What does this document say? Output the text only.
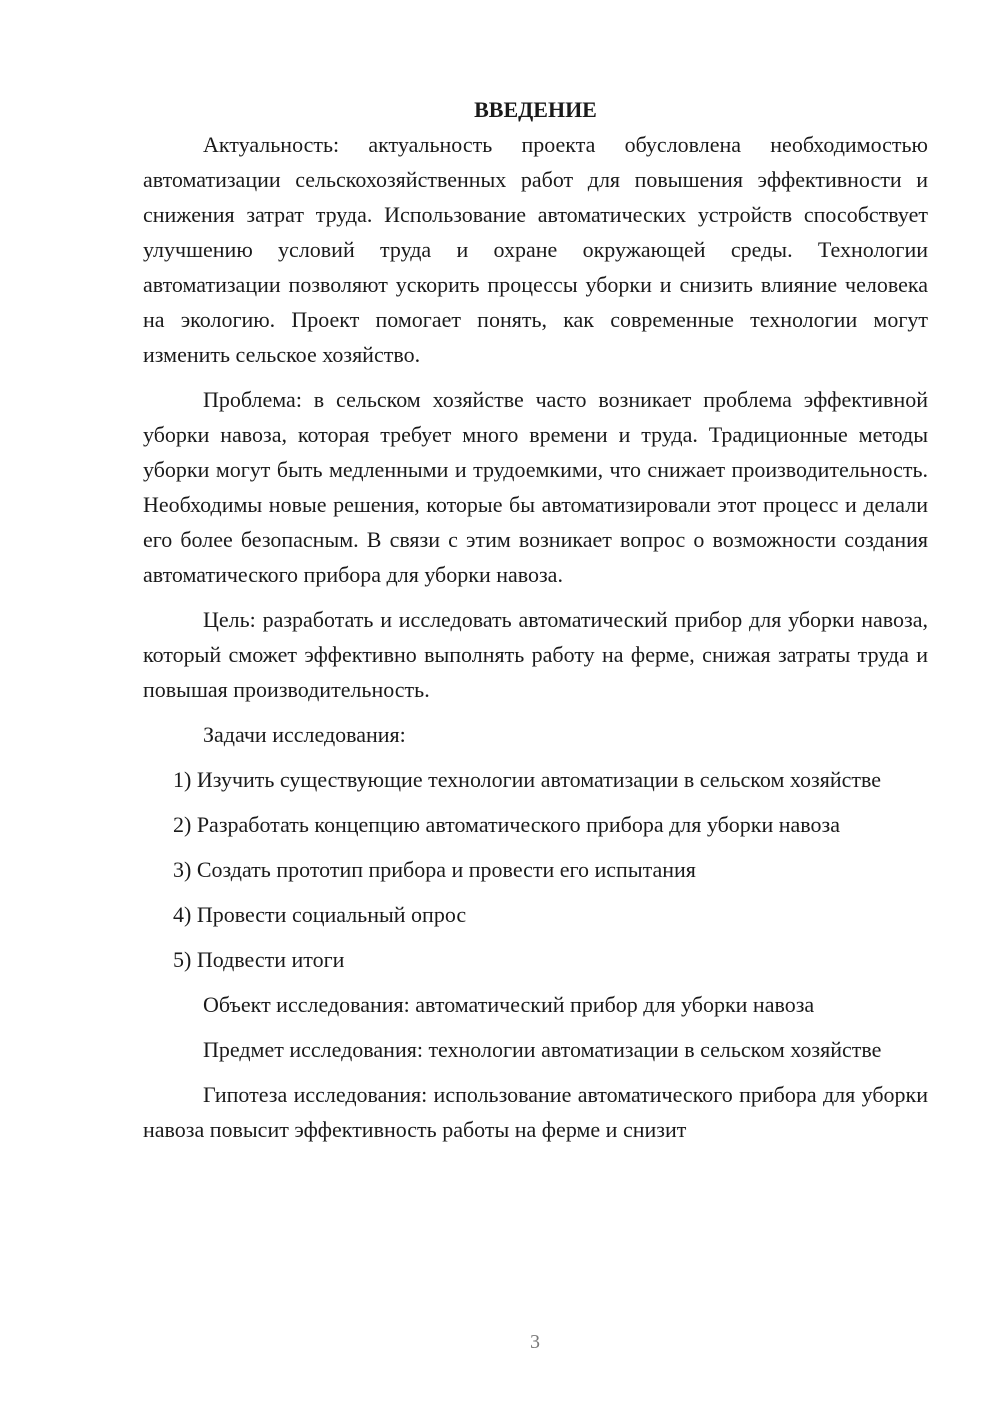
ВВЕДЕНИЕ

Актуальность: актуальность проекта обусловлена необходимостью автоматизации сельскохозяйственных работ для повышения эффективности и снижения затрат труда. Использование автоматических устройств способствует улучшению условий труда и охране окружающей среды. Технологии автоматизации позволяют ускорить процессы уборки и снизить влияние человека на экологию. Проект помогает понять, как современные технологии могут изменить сельское хозяйство.

Проблема: в сельском хозяйстве часто возникает проблема эффективной уборки навоза, которая требует много времени и труда. Традиционные методы уборки могут быть медленными и трудоемкими, что снижает производительность. Необходимы новые решения, которые бы автоматизировали этот процесс и делали его более безопасным. В связи с этим возникает вопрос о возможности создания автоматического прибора для уборки навоза.

Цель: разработать и исследовать автоматический прибор для уборки навоза, который сможет эффективно выполнять работу на ферме, снижая затраты труда и повышая производительность.

Задачи исследования:

1) Изучить существующие технологии автоматизации в сельском хозяйстве

2) Разработать концепцию автоматического прибора для уборки навоза

3) Создать прототип прибора и провести его испытания

4) Провести социальный опрос

5) Подвести итоги

Объект исследования: автоматический прибор для уборки навоза

Предмет исследования: технологии автоматизации в сельском хозяйстве

Гипотеза исследования: использование автоматического прибора для уборки навоза повысит эффективность работы на ферме и снизит

3
